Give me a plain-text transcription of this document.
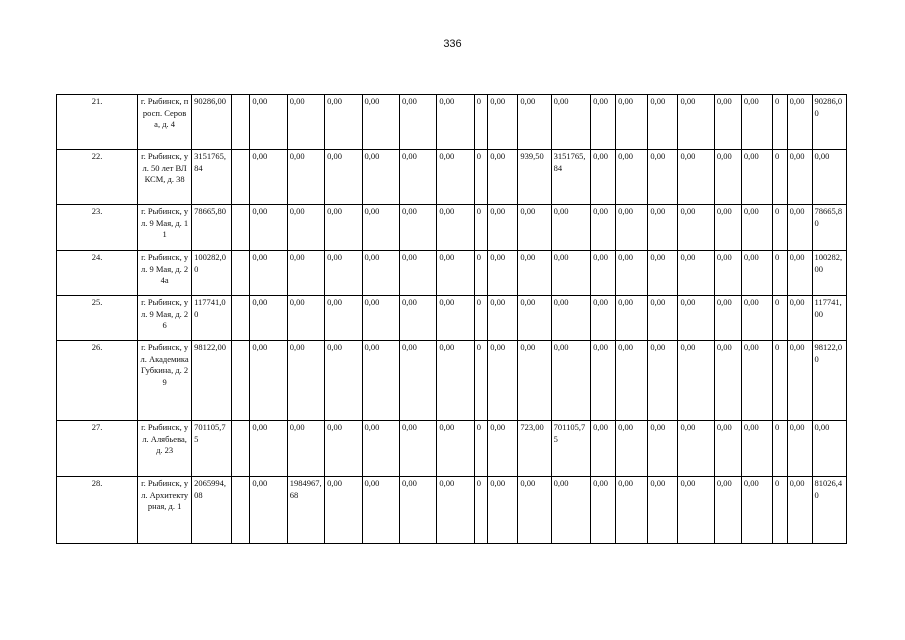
336
21.	г. Рыбинск, просп. Серова, д. 4	90286,00		0,00	0,00	0,00	0,00	0,00	0,00	0	0,00	0,00	0,00	0,00	0,00	0,00	0,00	0,00	0,00	0	0,00	90286,00
22.	г. Рыбинск, ул. 50 лет ВЛКСМ, д. 38	3151765,84		0,00	0,00	0,00	0,00	0,00	0,00	0	0,00	939,50	3151765,84	0,00	0,00	0,00	0,00	0,00	0,00	0	0,00	0,00
23.	г. Рыбинск, ул. 9 Мая, д. 11	78665,80		0,00	0,00	0,00	0,00	0,00	0,00	0	0,00	0,00	0,00	0,00	0,00	0,00	0,00	0,00	0,00	0	0,00	78665,80
24.	г. Рыбинск, ул. 9 Мая, д. 24а	100282,00		0,00	0,00	0,00	0,00	0,00	0,00	0	0,00	0,00	0,00	0,00	0,00	0,00	0,00	0,00	0,00	0	0,00	100282,00
25.	г. Рыбинск, ул. 9 Мая, д. 26	117741,00		0,00	0,00	0,00	0,00	0,00	0,00	0	0,00	0,00	0,00	0,00	0,00	0,00	0,00	0,00	0,00	0	0,00	117741,00
26.	г. Рыбинск, ул. Академика Губкина, д. 29	98122,00		0,00	0,00	0,00	0,00	0,00	0,00	0	0,00	0,00	0,00	0,00	0,00	0,00	0,00	0,00	0,00	0	0,00	98122,00
27.	г. Рыбинск, ул. Алябьева, д. 23	701105,75		0,00	0,00	0,00	0,00	0,00	0,00	0	0,00	723,00	701105,75	0,00	0,00	0,00	0,00	0,00	0,00	0	0,00	0,00
28.	г. Рыбинск, ул. Архитектурная, д. 1	2065994,08		0,00	1984967,68	0,00	0,00	0,00	0,00	0	0,00	0,00	0,00	0,00	0,00	0,00	0,00	0,00	0,00	0	0,00	81026,40
